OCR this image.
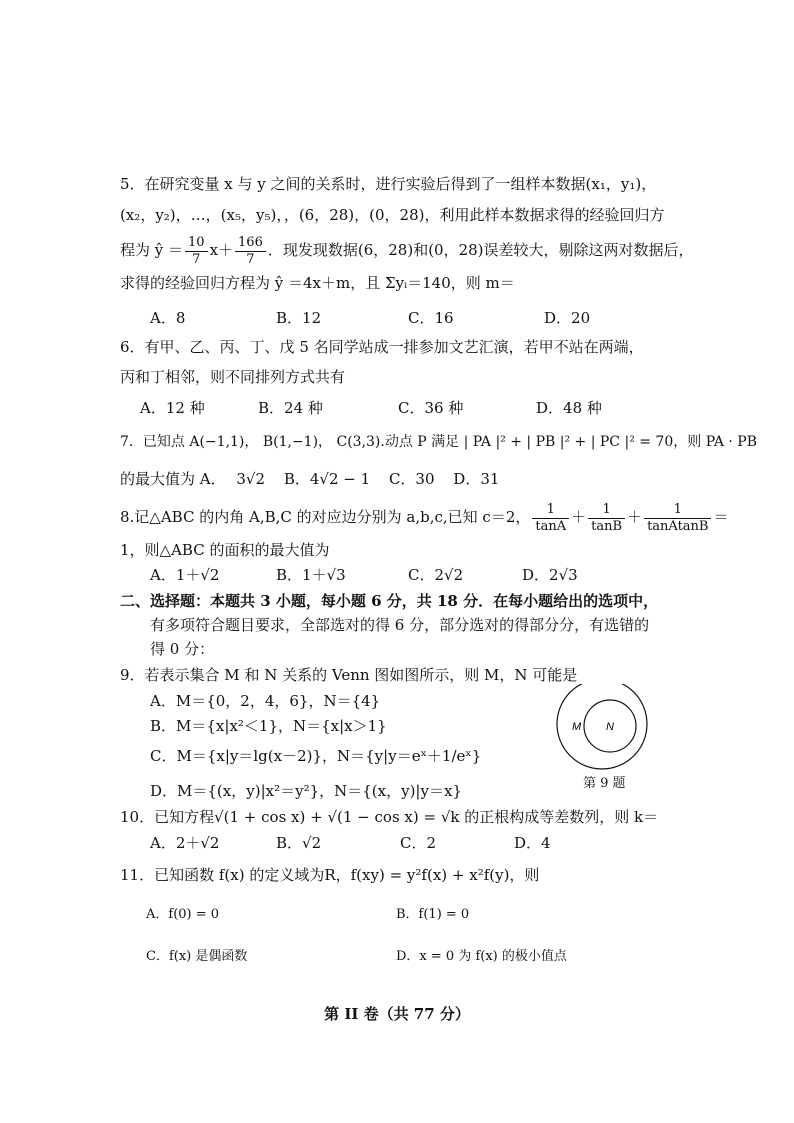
5．在研究变量 x 与 y 之间的关系时，进行实验后得到了一组样本数据(x₁，y₁)，
(x₂，y₂)，…，(x₅，y₅)，，(6，28)，(0，28)，利用此样本数据求得的经验回归方
程为 ŷ ＝ $\frac{10}{7} x+ \frac{166}{7}$ ．现发现数据(6，28)和(0，28)误差较大，剔除这两对数据后，
求得的经验回归方程为 ŷ ＝4x＋m，且 Σyᵢ＝140，则 m＝
A．8	B．12	C．16	D．20
6．有甲、乙、丙、丁、戊 5 名同学站成一排参加文艺汇演，若甲不站在两端，
丙和丁相邻，则不同排列方式共有
A．12 种	B．24 种	C．36 种	D．48 种
7．已知点 A(−1,1)， B(1,−1)， C(3,3).动点 P 满足 | PA |² + | PB |² + | PC |² = 70，则 PA · PB
的最大值为 A． 3√2 B．4√2 − 1 C．30 D．31
8.记△ABC 的内角 A,B,C 的对应边分别为 a,b,c,已知 c＝2， $\frac{1}{\tan A} + \frac{1}{\tan B} + \frac{1}{\text{tanAtanB}}$ ＝
1，则△ABC 的面积的最大值为
A．1＋√2	B．1＋√3	C．2√2	D．2√3
二、选择题：本题共 3 小题，每小题 6 分，共 18 分．在每小题给出的选项中，
有多项符合题目要求，全部选对的得 6 分，部分选对的得部分分，有选错的
得 0 分：
9．若表示集合 M 和 N 关系的 Venn 图如图所示，则 M，N 可能是
A．M＝{0，2，4，6}，N＝{4}
B．M＝{x|x²＜1}，N＝{x|x＞1}
C．M＝{x|y＝lg(x－2)}，N＝{y|y＝eˣ＋1/eˣ}
D．M＝{(x，y)|x²＝y²}，N＝{(x，y)|y＝x}
M N
第 9 题
10．已知方程√(1 + cos x) + √(1 − cos x) = √k 的正根构成等差数列，则 k＝
A．2＋√2	B．√2	C．2	D．4
11．已知函数 f(x) 的定义域为R，f(xy) = y²f(x) + x²f(y)，则
A．f(0) = 0	B．f(1) = 0
C．f(x) 是偶函数	D．x = 0 为 f(x) 的极小值点
第 II 卷（共 77 分）
